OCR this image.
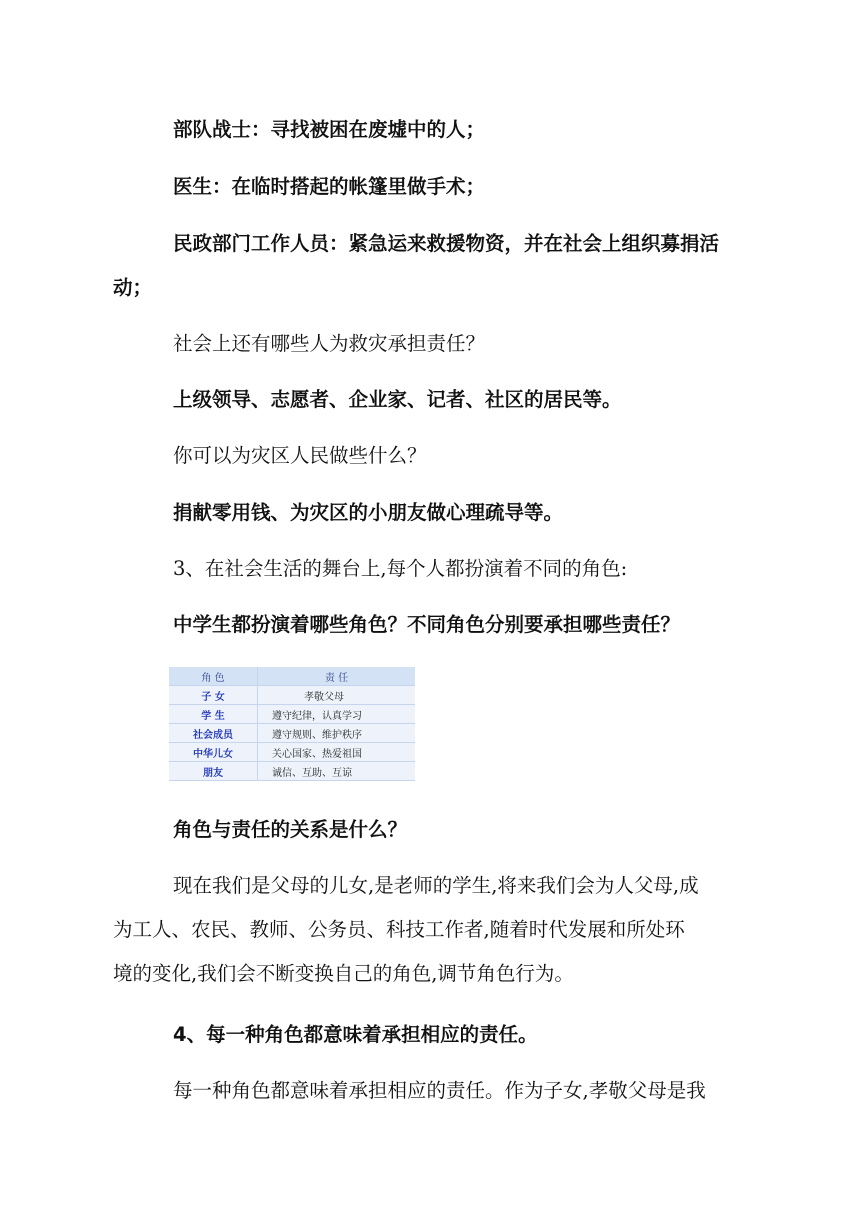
部队战士：寻找被困在废墟中的人；
医生：在临时搭起的帐篷里做手术；
民政部门工作人员：紧急运来救援物资，并在社会上组织募捐活
动；
社会上还有哪些人为救灾承担责任？
上级领导、志愿者、企业家、记者、社区的居民等。
你可以为灾区人民做些什么？
捐献零用钱、为灾区的小朋友做心理疏导等。
3、在社会生活的舞台上,每个人都扮演着不同的角色:
中学生都扮演着哪些角色？不同角色分别要承担哪些责任？
角 色	责 任
子 女	孝敬父母
学 生	遵守纪律，认真学习
社会成员	遵守规则、维护秩序
中华儿女	关心国家、热爱祖国
朋友	诚信、互助、互谅
角色与责任的关系是什么？
现在我们是父母的儿女,是老师的学生,将来我们会为人父母,成
为工人、农民、教师、公务员、科技工作者,随着时代发展和所处环
境的变化,我们会不断变换自己的角色,调节角色行为。
4、每一种角色都意味着承担相应的责任。
每一种角色都意味着承担相应的责任。作为子女,孝敬父母是我
